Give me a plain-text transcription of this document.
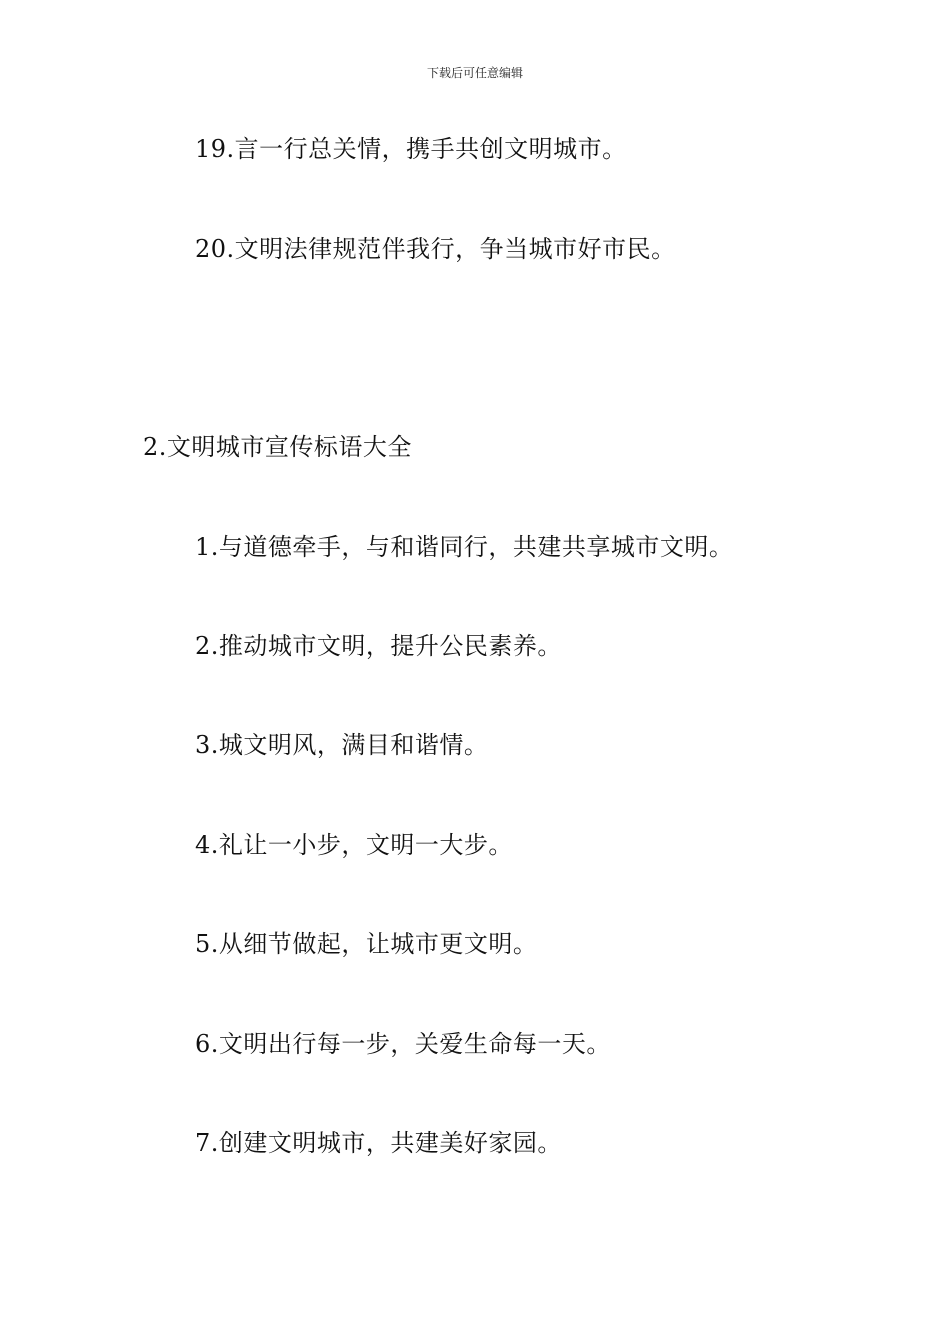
下载后可任意编辑
19.言一行总关情，携手共创文明城市。
20.文明法律规范伴我行，争当城市好市民。
2.文明城市宣传标语大全
1.与道德牵手，与和谐同行，共建共享城市文明。
2.推动城市文明，提升公民素养。
3.城文明风，满目和谐情。
4.礼让一小步，文明一大步。
5.从细节做起，让城市更文明。
6.文明出行每一步，关爱生命每一天。
7.创建文明城市，共建美好家园。
